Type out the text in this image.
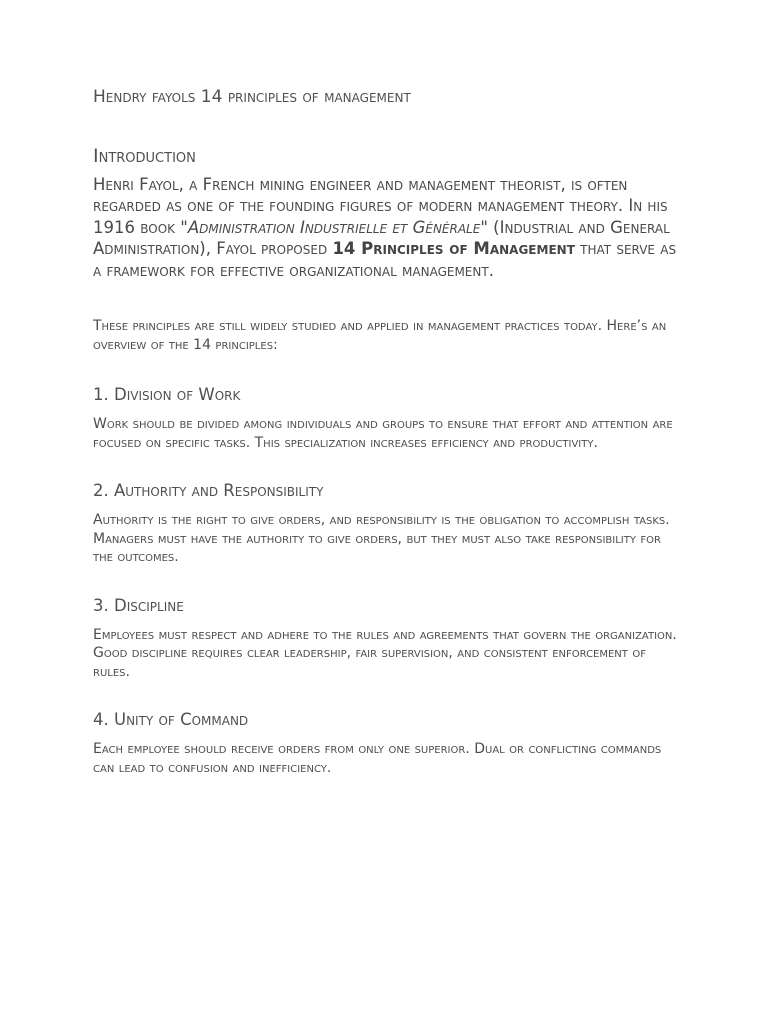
Hendry fayols 14 principles of management
Introduction

Henri Fayol, a French mining engineer and management theorist, is often regarded as one of the founding figures of modern management theory. In his 1916 book "Administration Industrielle et Générale" (Industrial and General Administration), Fayol proposed 14 Principles of Management that serve as a framework for effective organizational management.

These principles are still widely studied and applied in management practices today. Here’s an overview of the 14 principles:

1. Division of Work

Work should be divided among individuals and groups to ensure that effort and attention are focused on specific tasks. This specialization increases efficiency and productivity.

2. Authority and Responsibility

Authority is the right to give orders, and responsibility is the obligation to accomplish tasks. Managers must have the authority to give orders, but they must also take responsibility for the outcomes.

3. Discipline

Employees must respect and adhere to the rules and agreements that govern the organization. Good discipline requires clear leadership, fair supervision, and consistent enforcement of rules.

4. Unity of Command

Each employee should receive orders from only one superior. Dual or conflicting commands can lead to confusion and inefficiency.
